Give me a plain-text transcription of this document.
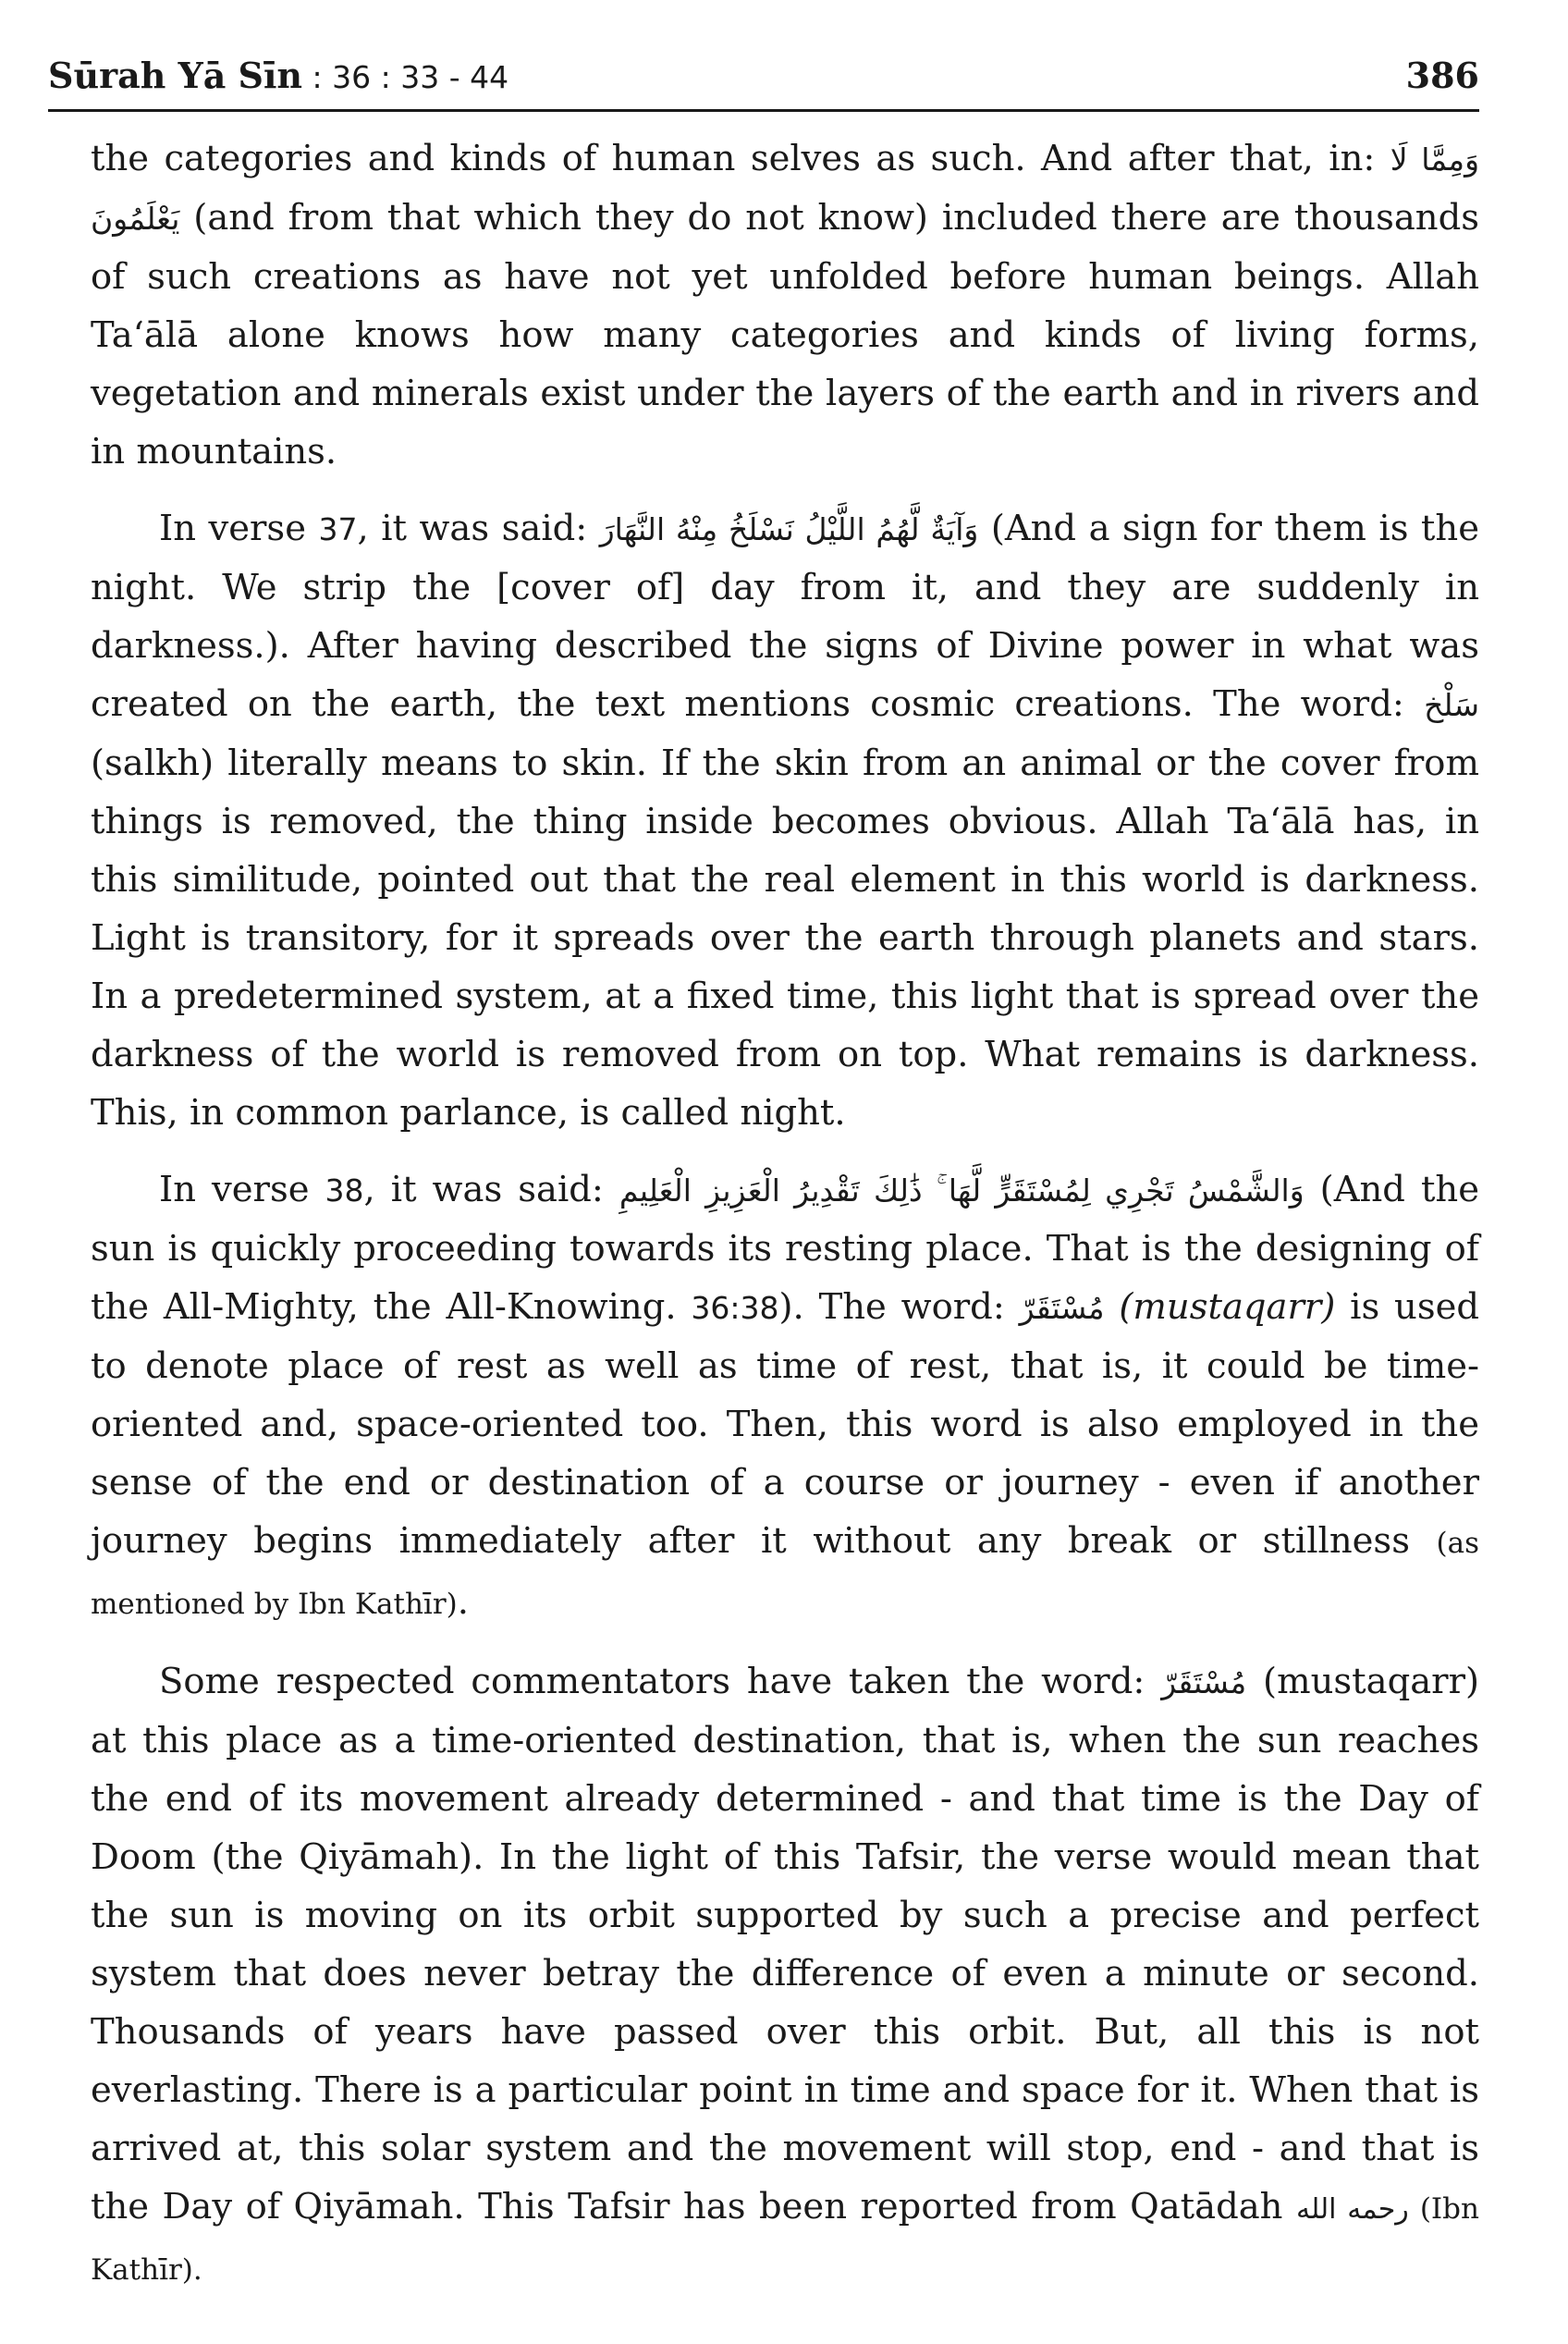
Sūrah Yā Sīn : 36 : 33 - 44	386

the categories and kinds of human selves as such. And after that, in: وَمِمَّا لَا يَعْلَمُونَ (and from that which they do not know) included there are thousands of such creations as have not yet unfolded before human beings. Allah Ta‘ālā alone knows how many categories and kinds of living forms, vegetation and minerals exist under the layers of the earth and in rivers and in mountains.

In verse 37, it was said: وَآيَةٌ لَّهُمُ اللَّيْلُ نَسْلَخُ مِنْهُ النَّهَارَ (And a sign for them is the night. We strip the [cover of] day from it, and they are suddenly in darkness.). After having described the signs of Divine power in what was created on the earth, the text mentions cosmic creations. The word: سَلْخ (salkh) literally means to skin. If the skin from an animal or the cover from things is removed, the thing inside becomes obvious. Allah Ta‘ālā has, in this similitude, pointed out that the real element in this world is darkness. Light is transitory, for it spreads over the earth through planets and stars. In a predetermined system, at a fixed time, this light that is spread over the darkness of the world is removed from on top. What remains is darkness. This, in common parlance, is called night.

In verse 38, it was said: وَالشَّمْسُ تَجْرِي لِمُسْتَقَرٍّ لَّهَا ۚ ذَٰلِكَ تَقْدِيرُ الْعَزِيزِ الْعَلِيمِ (And the sun is quickly proceeding towards its resting place. That is the designing of the All-Mighty, the All-Knowing. 36:38). The word: مُسْتَقَرّ (mustaqarr) is used to denote place of rest as well as time of rest, that is, it could be time-oriented and, space-oriented too. Then, this word is also employed in the sense of the end or destination of a course or journey - even if another journey begins immediately after it without any break or stillness (as mentioned by Ibn Kathīr).

Some respected commentators have taken the word: مُسْتَقَرّ (mustaqarr) at this place as a time-oriented destination, that is, when the sun reaches the end of its movement already determined - and that time is the Day of Doom (the Qiyāmah). In the light of this Tafsir, the verse would mean that the sun is moving on its orbit supported by such a precise and perfect system that does never betray the difference of even a minute or second. Thousands of years have passed over this orbit. But, all this is not everlasting. There is a particular point in time and space for it. When that is arrived at, this solar system and the movement will stop, end - and that is the Day of Qiyāmah. This Tafsir has been reported from Qatādah رحمه الله (Ibn Kathīr).
